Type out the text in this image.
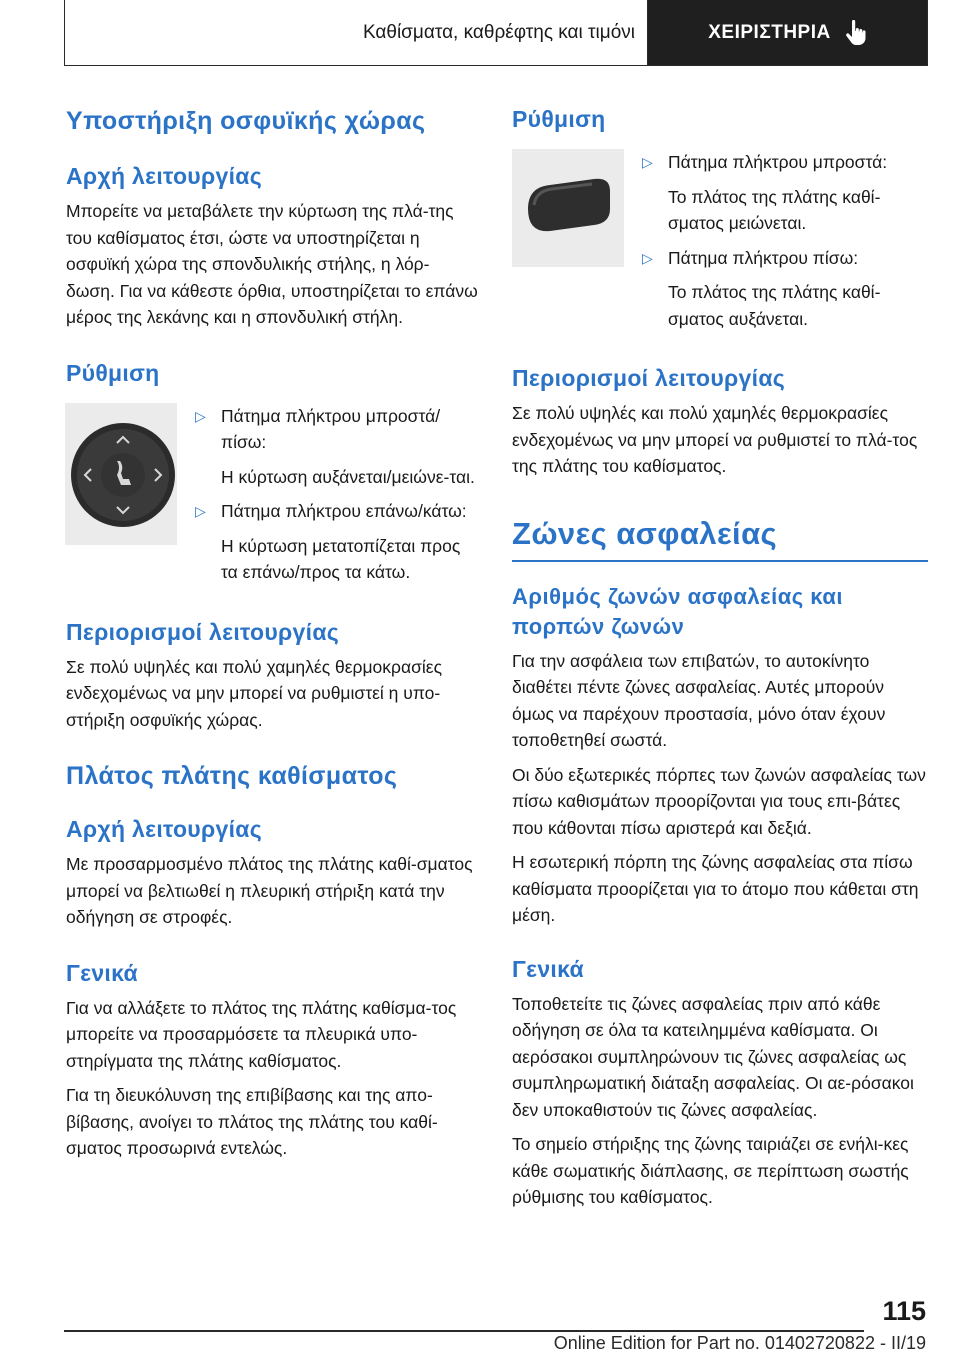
Καθίσματα, καθρέφτης και τιμόνι	ΧΕΙΡΙΣΤΗΡΙΑ
Υποστήριξη οσφυϊκής χώρας
Αρχή λειτουργίας
Μπορείτε να μεταβάλετε την κύρτωση της πλά-της του καθίσματος έτσι, ώστε να υποστηρίζεται η οσφυϊκή χώρα της σπονδυλικής στήλης, η λόρ-δωση. Για να κάθεστε όρθια, υποστηρίζεται το επάνω μέρος της λεκάνης και η σπονδυλική στήλη.
Ρύθμιση
▷ Πάτημα πλήκτρου μπροστά/πίσω:
Η κύρτωση αυξάνεται/μειώνε-ται.
▷ Πάτημα πλήκτρου επάνω/κάτω:
Η κύρτωση μετατοπίζεται προς τα επάνω/προς τα κάτω.
Περιορισμοί λειτουργίας
Σε πολύ υψηλές και πολύ χαμηλές θερμοκρασίες ενδεχομένως να μην μπορεί να ρυθμιστεί η υπο-στήριξη οσφυϊκής χώρας.
Πλάτος πλάτης καθίσματος
Αρχή λειτουργίας
Με προσαρμοσμένο πλάτος της πλάτης καθί-σματος μπορεί να βελτιωθεί η πλευρική στήριξη κατά την οδήγηση σε στροφές.
Γενικά
Για να αλλάξετε το πλάτος της πλάτης καθίσμα-τος μπορείτε να προσαρμόσετε τα πλευρικά υπο-στηρίγματα της πλάτης καθίσματος.
Για τη διευκόλυνση της επιβίβασης και της απο-βίβασης, ανοίγει το πλάτος της πλάτης του καθί-σματος προσωρινά εντελώς.
Ρύθμιση
▷ Πάτημα πλήκτρου μπροστά:
Το πλάτος της πλάτης καθί-σματος μειώνεται.
▷ Πάτημα πλήκτρου πίσω:
Το πλάτος της πλάτης καθί-σματος αυξάνεται.
Περιορισμοί λειτουργίας
Σε πολύ υψηλές και πολύ χαμηλές θερμοκρασίες ενδεχομένως να μην μπορεί να ρυθμιστεί το πλά-τος της πλάτης του καθίσματος.
Ζώνες ασφαλείας
Αριθμός ζωνών ασφαλείας και πορπών ζωνών
Για την ασφάλεια των επιβατών, το αυτοκίνητο διαθέτει πέντε ζώνες ασφαλείας. Αυτές μπορούν όμως να παρέχουν προστασία, μόνο όταν έχουν τοποθετηθεί σωστά.
Οι δύο εξωτερικές πόρπες των ζωνών ασφαλείας των πίσω καθισμάτων προορίζονται για τους επι-βάτες που κάθονται πίσω αριστερά και δεξιά.
Η εσωτερική πόρπη της ζώνης ασφαλείας στα πίσω καθίσματα προορίζεται για το άτομο που κάθεται στη μέση.
Γενικά
Τοποθετείτε τις ζώνες ασφαλείας πριν από κάθε οδήγηση σε όλα τα κατειλημμένα καθίσματα. Οι αερόσακοι συμπληρώνουν τις ζώνες ασφαλείας ως συμπληρωματική διάταξη ασφαλείας. Οι αε-ρόσακοι δεν υποκαθιστούν τις ζώνες ασφαλείας.
Το σημείο στήριξης της ζώνης ταιριάζει σε ενήλι-κες κάθε σωματικής διάπλασης, σε περίπτωση σωστής ρύθμισης του καθίσματος.
115
Online Edition for Part no. 01402720822 - II/19
